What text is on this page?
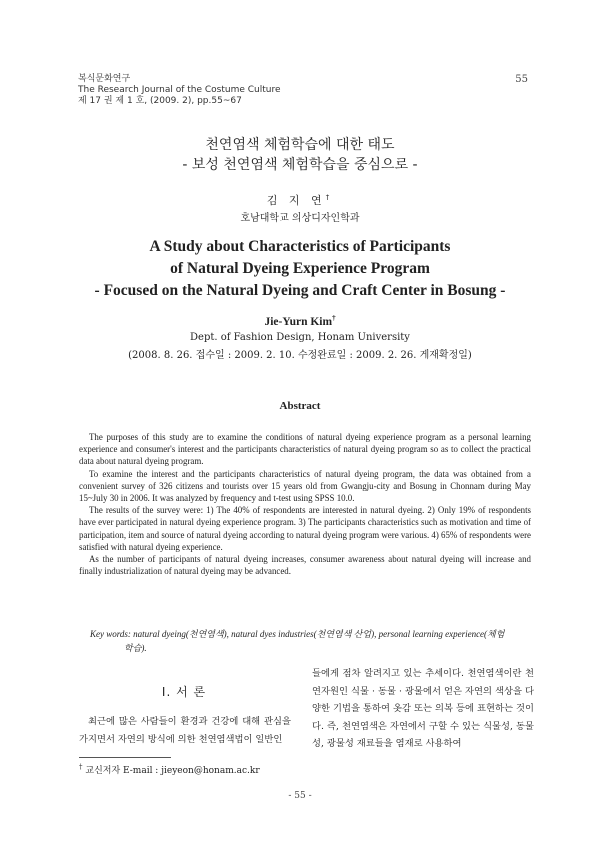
복식문화연구
The Research Journal of the Costume Culture
제 17 권 제 1 호, (2009. 2), pp.55~67
55
천연염색 체험학습에 대한 태도
- 보성 천연염색 체험학습을 중심으로 -
김 지 연†
호남대학교 의상디자인학과
A Study about Characteristics of Participants
of Natural Dyeing Experience Program
- Focused on the Natural Dyeing and Craft Center in Bosung -
Jie-Yurn Kim†
Dept. of Fashion Design, Honam University
(2008. 8. 26. 접수일 : 2009. 2. 10. 수정완료일 : 2009. 2. 26. 게재확정일)
Abstract

The purposes of this study are to examine the conditions of natural dyeing experience program as a personal learning experience and consumer's interest and the participants characteristics of natural dyeing program so as to collect the practical data about natural dyeing program.

To examine the interest and the participants characteristics of natural dyeing program, the data was obtained from a convenient survey of 326 citizens and tourists over 15 years old from Gwangju-city and Bosung in Chonnam during May 15~July 30 in 2006. It was analyzed by frequency and t-test using SPSS 10.0.

The results of the survey were: 1) The 40% of respondents are interested in natural dyeing. 2) Only 19% of respondents have ever participated in natural dyeing experience program. 3) The participants characteristics such as motivation and time of participation, item and source of natural dyeing according to natural dyeing program were various. 4) 65% of respondents were satisfied with natural dyeing experience.

As the number of participants of natural dyeing increases, consumer awareness about natural dyeing will increase and finally industrialization of natural dyeing may be advanced.

Key words: natural dyeing(천연염색), natural dyes industries(천연염색 산업), personal learning experience(체험
학습).
I. 서 론

최근에 많은 사람들이 환경과 건강에 대해 관심을 가지면서 자연의 방식에 의한 천연염색법이 일반인

들에게 점차 알려지고 있는 추세이다. 천연염색이란 천연자원인 식물 · 동물 · 광물에서 얻은 자연의 색상을 다양한 기법을 통하여 옷감 또는 의복 등에 표현하는 것이다. 즉, 천연염색은 자연에서 구할 수 있는 식물성, 동물성, 광물성 재료들을 염재로 사용하여

† 교신저자 E-mail : jieyeon@honam.ac.kr
- 55 -
